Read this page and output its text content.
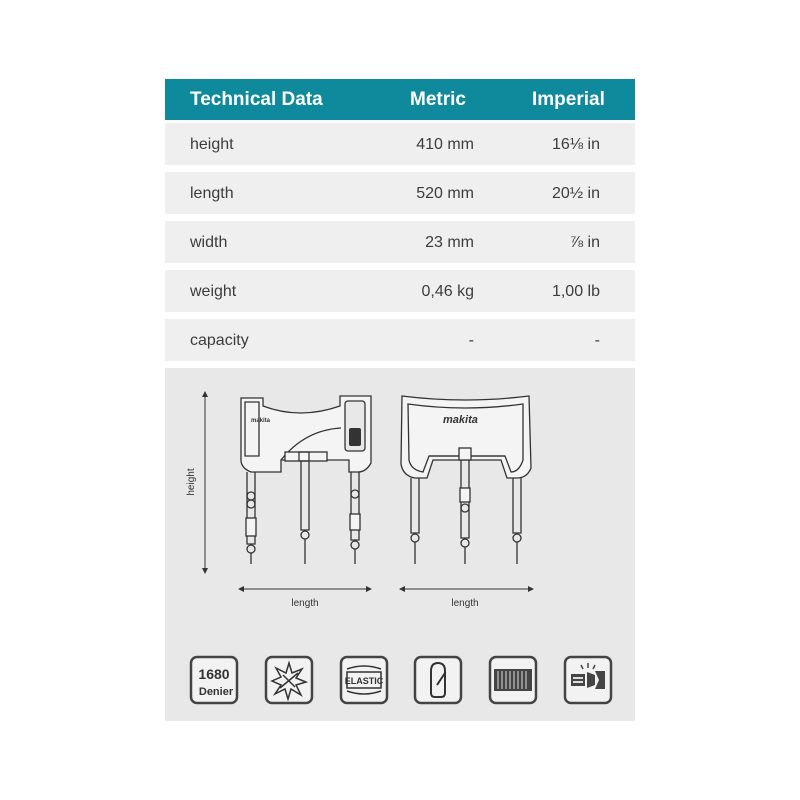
Technical Data	Metric	Imperial
height	410 mm	16⅛ in
length	520 mm	20½ in
width	23 mm	⅞ in
weight	0,46 kg	1,00 lb
capacity	-	-
height
makita	makita
length	length
1680
Denier
ELASTIC
